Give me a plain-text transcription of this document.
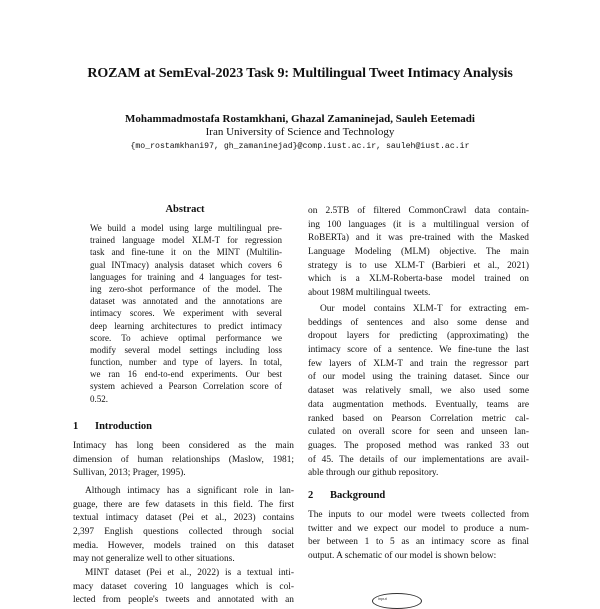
ROZAM at SemEval-2023 Task 9: Multilingual Tweet Intimacy Analysis
Mohammadmostafa Rostamkhani, Ghazal Zamaninejad, Sauleh Eetemadi
Iran University of Science and Technology
{mo_rostamkhani97, gh_zamaninejad}@comp.iust.ac.ir, sauleh@iust.ac.ir
Abstract
We build a model using large multilingual pre-
trained language model XLM-T for regression
task and fine-tune it on the MINT (Multilin-
gual INTmacy) analysis dataset which covers 6
languages for training and 4 languages for test-
ing zero-shot performance of the model. The
dataset was annotated and the annotations are
intimacy scores. We experiment with several
deep learning architectures to predict intimacy
score. To achieve optimal performance we
modify several model settings including loss
function, number and type of layers. In total,
we ran 16 end-to-end experiments. Our best
system achieved a Pearson Correlation score of
0.52.
1 Introduction
Intimacy has long been considered as the main
dimension of human relationships (Maslow, 1981;
Sullivan, 2013; Prager, 1995).
Although intimacy has a significant role in lan-
guage, there are few datasets in this field. The first
textual intimacy dataset (Pei et al., 2023) contains
2,397 English questions collected through social
media. However, models trained on this dataset
may not generalize well to other situations.
MINT dataset (Pei et al., 2022) is a textual inti-
macy dataset covering 10 languages which is col-
lected from people's tweets and annotated with an
on 2.5TB of filtered CommonCrawl data contain-
ing 100 languages (it is a multilingual version of
RoBERTa) and it was pre-trained with the Masked
Language Modeling (MLM) objective. The main
strategy is to use XLM-T (Barbieri et al., 2021)
which is a XLM-Roberta-base model trained on
about 198M multilingual tweets.
Our model contains XLM-T for extracting em-
beddings of sentences and also some dense and
dropout layers for predicting (approximating) the
intimacy score of a sentence. We fine-tune the last
few layers of XLM-T and train the regressor part
of our model using the training dataset. Since our
dataset was relatively small, we also used some
data augmentation methods. Eventually, teams are
ranked based on Pearson Correlation metric cal-
culated on overall score for seen and unseen lan-
guages. The proposed method was ranked 33 out
of 45. The details of our implementations are avail-
able through our github repository.
2 Background
The inputs to our model were tweets collected from
twitter and we expect our model to produce a num-
ber between 1 to 5 as an intimacy score as final
output. A schematic of our model is shown below:
input
